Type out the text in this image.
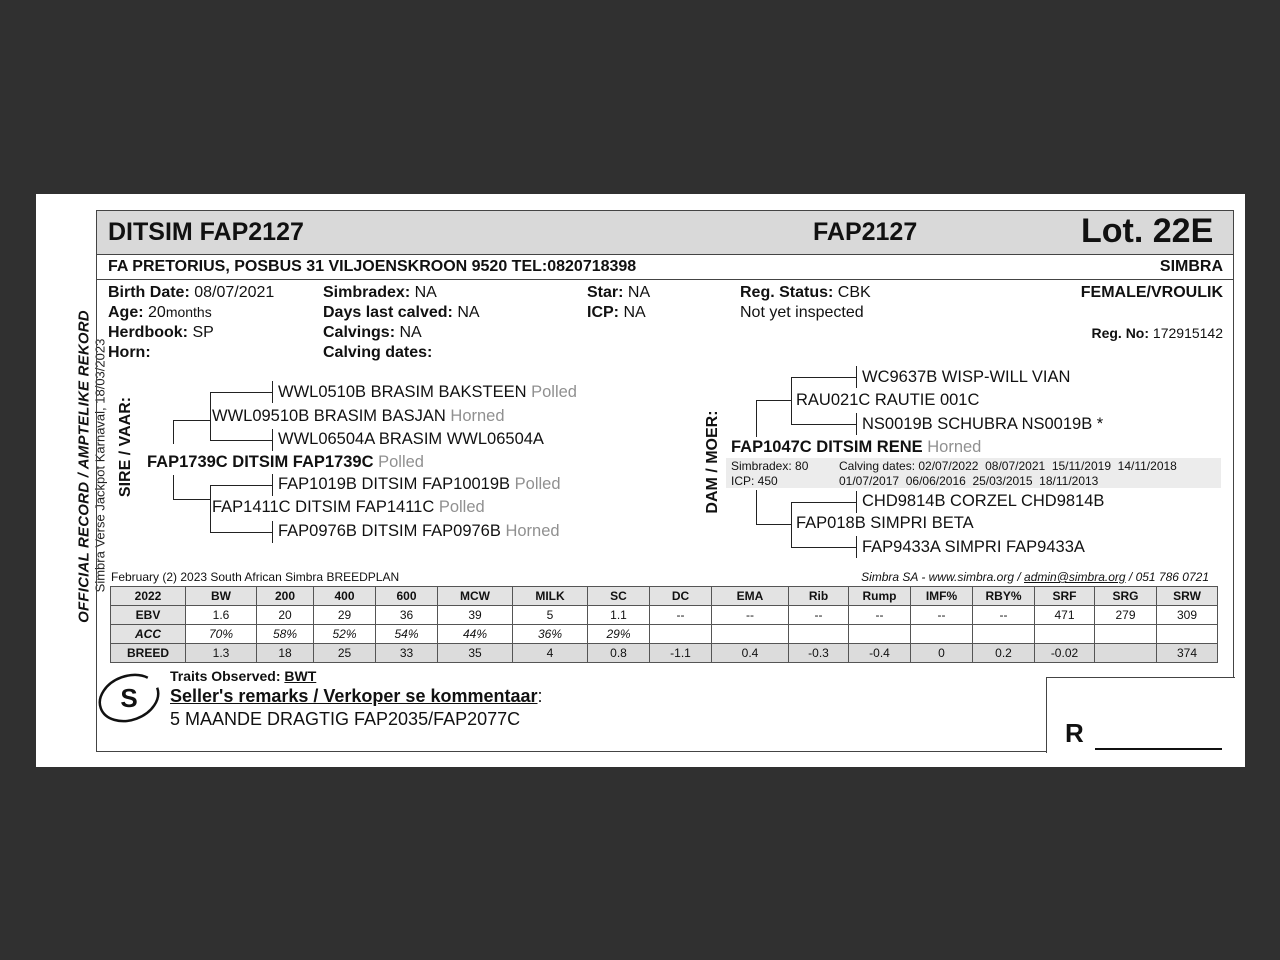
OFFICIAL RECORD / AMPTELIKE REKORD Simbra Verse Jackpot Karnaval, 18/03/2023
DITSIM FAP2127	FAP2127	Lot. 22E
FA PRETORIUS, POSBUS 31 VILJOENSKROON 9520 TEL:0820718398	SIMBRA
Birth Date: 08/07/2021
Age: 20months
Herdbook: SP
Horn:
Simbradex: NA
Days last calved: NA
Calvings: NA
Calving dates:
Star: NA
ICP: NA
Reg. Status: CBK
Not yet inspected
FEMALE/VROULIK
Reg. No: 172915142
SIRE / VAAR:
WWL0510B BRASIM BAKSTEEN Polled
WWL09510B BRASIM BASJAN Horned
WWL06504A BRASIM WWL06504A
FAP1739C DITSIM FAP1739C Polled
FAP1019B DITSIM FAP10019B Polled
FAP1411C DITSIM FAP1411C Polled
FAP0976B DITSIM FAP0976B Horned
DAM / MOER:
WC9637B WISP-WILL VIAN
RAU021C RAUTIE 001C
NS0019B SCHUBRA NS0019B *
FAP1047C DITSIM RENE Horned
Simbradex: 80
ICP: 450
Calving dates: 02/07/2022  08/07/2021  15/11/2019  14/11/2018
01/07/2017  06/06/2016  25/03/2015  18/11/2013
CHD9814B CORZEL CHD9814B
FAP018B SIMPRI BETA
FAP9433A SIMPRI FAP9433A
February (2) 2023 South African Simbra BREEDPLAN	Simbra SA - www.simbra.org / admin@simbra.org / 051 786 0721
2022	BW	200	400	600	MCW	MILK	SC	DC	EMA	Rib	Rump	IMF%	RBY%	SRF	SRG	SRW
EBV	1.6	20	29	36	39	5	1.1	--	--	--	--	--	--	471	279	309
ACC	70%	58%	52%	54%	44%	36%	29%									
BREED	1.3	18	25	33	35	4	0.8	-1.1	0.4	-0.3	-0.4	0	0.2	-0.02		374
S
Traits Observed: BWT
Seller's remarks / Verkoper se kommentaar:
5 MAANDE DRAGTIG FAP2035/FAP2077C	R
